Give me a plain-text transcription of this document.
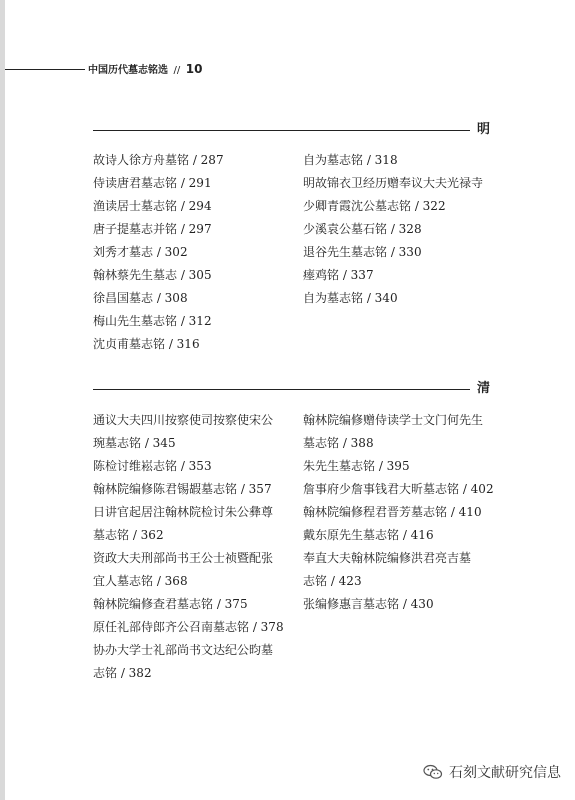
中国历代墓志铭选 // 10
明
故诗人徐方舟墓铭 / 287
侍读唐君墓志铭 / 291
渔读居士墓志铭 / 294
唐子提墓志并铭 / 297
刘秀才墓志 / 302
翰林蔡先生墓志 / 305
徐昌国墓志 / 308
梅山先生墓志铭 / 312
沈贞甫墓志铭 / 316
自为墓志铭 / 318
明故锦衣卫经历赠奉议大夫光禄寺
少卿青霞沈公墓志铭 / 322
少溪袁公墓石铭 / 328
退谷先生墓志铭 / 330
瘗鸡铭 / 337
自为墓志铭 / 340
清
通议大夫四川按察使司按察使宋公
琬墓志铭 / 345
陈检讨维崧志铭 / 353
翰林院编修陈君锡嘏墓志铭 / 357
日讲官起居注翰林院检讨朱公彝尊
墓志铭 / 362
资政大夫刑部尚书王公士祯暨配张
宜人墓志铭 / 368
翰林院编修查君墓志铭 / 375
原任礼部侍郎齐公召南墓志铭 / 378
协办大学士礼部尚书文达纪公昀墓
志铭 / 382
翰林院编修赠侍读学士文门何先生
墓志铭 / 388
朱先生墓志铭 / 395
詹事府少詹事钱君大昕墓志铭 / 402
翰林院编修程君晋芳墓志铭 / 410
戴东原先生墓志铭 / 416
奉直大夫翰林院编修洪君亮吉墓
志铭 / 423
张编修惠言墓志铭 / 430
石刻文献研究信息
